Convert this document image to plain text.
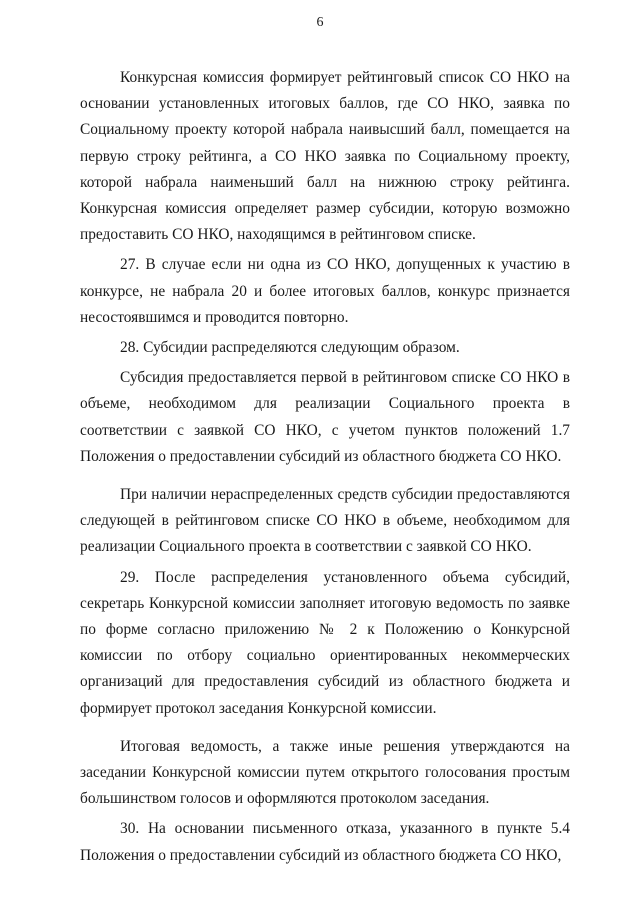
6

Конкурсная комиссия формирует рейтинговый список СО НКО на основании установленных итоговых баллов, где СО НКО, заявка по Социальному проекту которой набрала наивысший балл, помещается на первую строку рейтинга, а СО НКО заявка по Социальному проекту, которой набрала наименьший балл на нижнюю строку рейтинга. Конкурсная комиссия определяет размер субсидии, которую возможно предоставить СО НКО, находящимся в рейтинговом списке.

27. В случае если ни одна из СО НКО, допущенных к участию в конкурсе, не набрала 20 и более итоговых баллов, конкурс признается несостоявшимся и проводится повторно.

28. Субсидии распределяются следующим образом.

Субсидия предоставляется первой в рейтинговом списке СО НКО в объеме, необходимом для реализации Социального проекта в соответствии с заявкой СО НКО, с учетом пунктов положений 1.7 Положения о предоставлении субсидий из областного бюджета СО НКО.

При наличии нераспределенных средств субсидии предоставляются следующей в рейтинговом списке СО НКО в объеме, необходимом для реализации Социального проекта в соответствии с заявкой СО НКО.

29. После распределения установленного объема субсидий, секретарь Конкурсной комиссии заполняет итоговую ведомость по заявке по форме согласно приложению № 2 к Положению о Конкурсной комиссии по отбору социально ориентированных некоммерческих организаций для предоставления субсидий из областного бюджета и формирует протокол заседания Конкурсной комиссии.

Итоговая ведомость, а также иные решения утверждаются на заседании Конкурсной комиссии путем открытого голосования простым большинством голосов и оформляются протоколом заседания.

30. На основании письменного отказа, указанного в пункте 5.4 Положения о предоставлении субсидий из областного бюджета СО НКО,
